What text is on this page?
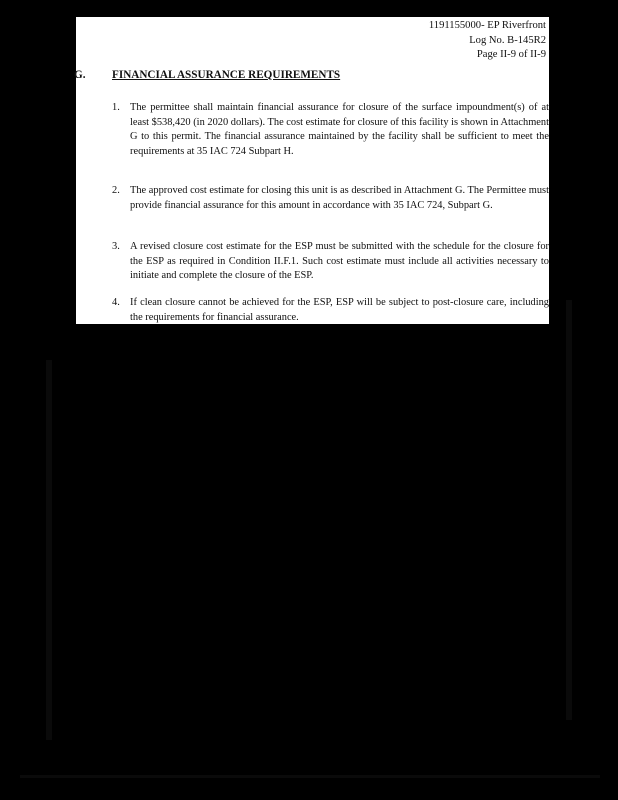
1191155000- EP Riverfront
Log No. B-145R2
Page II-9 of II-9
G. FINANCIAL ASSURANCE REQUIREMENTS
1. The permittee shall maintain financial assurance for closure of the surface impoundment(s) of at least $538,420 (in 2020 dollars). The cost estimate for closure of this facility is shown in Attachment G to this permit. The financial assurance maintained by the facility shall be sufficient to meet the requirements at 35 IAC 724 Subpart H.
2. The approved cost estimate for closing this unit is as described in Attachment G. The Permittee must provide financial assurance for this amount in accordance with 35 IAC 724, Subpart G.
3. A revised closure cost estimate for the ESP must be submitted with the schedule for the closure for the ESP as required in Condition II.F.1. Such cost estimate must include all activities necessary to initiate and complete the closure of the ESP.
4. If clean closure cannot be achieved for the ESP, ESP will be subject to post-closure care, including the requirements for financial assurance.
